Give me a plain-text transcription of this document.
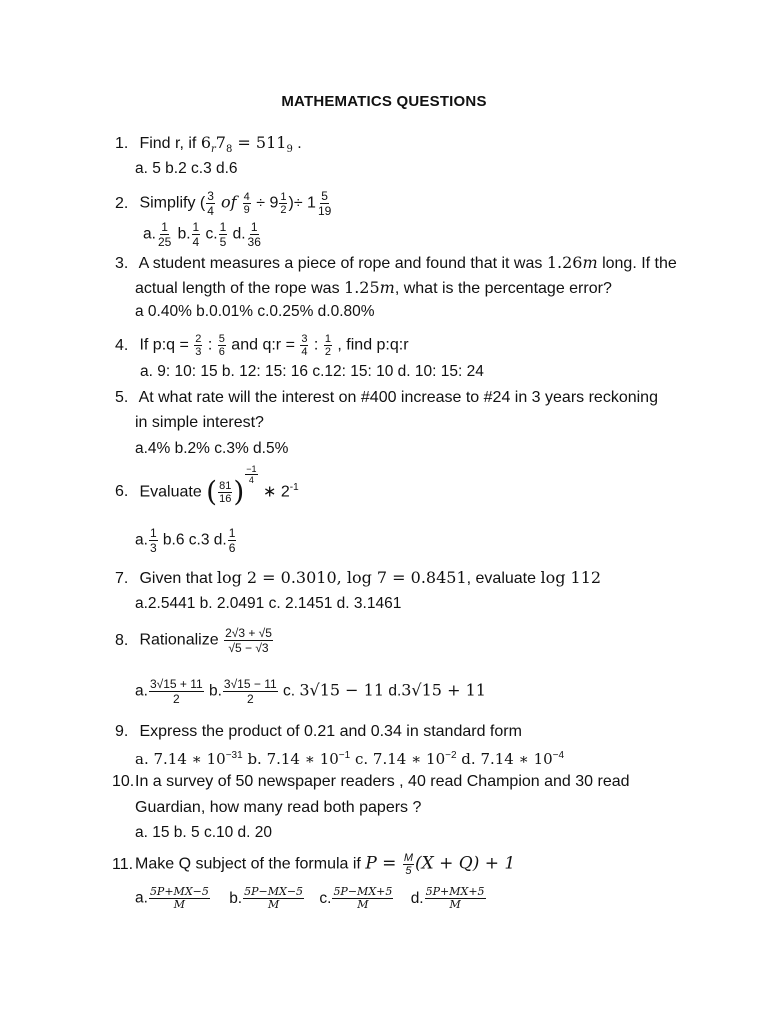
MATHEMATICS QUESTIONS
1. Find r, if $6_r7_8 = 511_9$ .
a. 5 b.2 c.3 d.6
2. Simplify ( $\frac{3}{4}$ of $\frac{4}{9} \div 9 \frac{1}{2}$ )÷ $1 \frac{5}{19}$
a. $\frac{1}{25} b$. $\frac{1}{4} c$. $\frac{1}{5} d$. $\frac{1}{36}$
3. A student measures a piece of rope and found that it was 1.26m long. If the
actual length of the rope was 1.25m, what is the percentage error?
a 0.40% b.0.01% c.0.25% d.0.80%
4. If p:q = $\frac{2}{3}$ : $\frac{5}{6}$ and q:r = $\frac{3}{4}$ : $\frac{1}{2}$ , find p:q:r
a. 9: 10: 15 b. 12: 15: 16 c.12: 15: 10 d. 10: 15: 24
5. At what rate will the interest on #400 increase to #24 in 3 years reckoning
in simple interest?
a.4% b.2% c.3% d.5%
6. Evaluate ( $\frac{81}{16}$ )
$\frac{-1}{4}$
∗ $2^{-1}$
a. $\frac{1}{3} b.6$ c.3 d. $\frac{1}{6}$
7. Given that log 2 = 0.3010, log 7 = 0.8451, evaluate log 112
a.2.5441 b. 2.0491 c. 2.1451 d. 3.1461
8. Rationalize $\frac{2√3 + √5}{√5 - √3}$
a. $\frac{3√15 + 11}{2} b$. $\frac{3√15 - 11}{2} c$. 3√15 − 11 d.3√15 + 11
9. Express the product of 0.21 and 0.34 in standard form
a. 7.14 ∗ $10^{-31}$ b. 7.14 ∗ $10^{-1}$ c. 7.14 ∗ $10^{-2}$ d. 7.14 ∗ $10^{-4}$
10.In a survey of 50 newspaper readers , 40 read Champion and 30 read
Guardian, how many read both papers ?
a. 15 b. 5 c.10 d. 20
11. Make Q subject of the formula if $P = \frac{M}{5} (X + Q) + 1$
a. $\frac{5P+MX-5}{M} b$. $\frac{5P-MX-5}{M} c$. $\frac{5P-MX+5}{M} d$. $\frac{5P+MX+5}{M}$
